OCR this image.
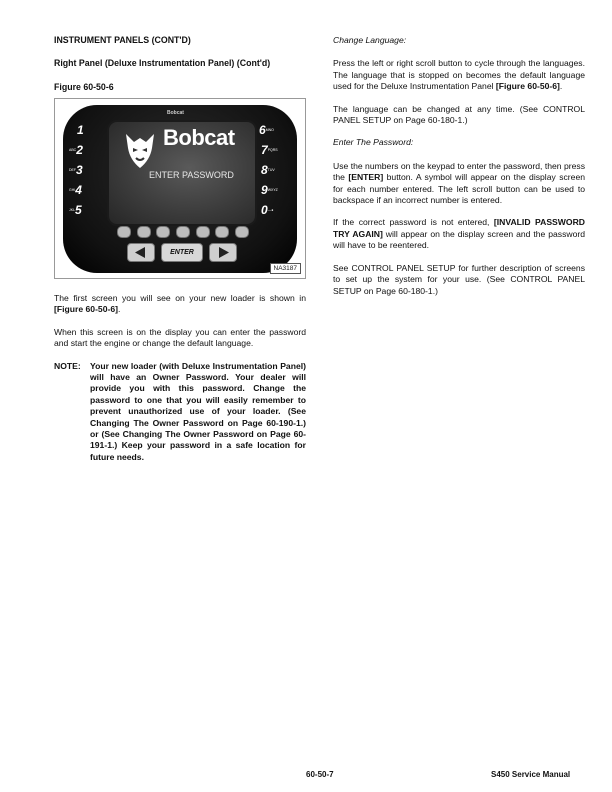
INSTRUMENT PANELS (CONT'D)
Right Panel (Deluxe Instrumentation Panel) (Cont'd)
Figure 60-50-6
Bobcat
1
ABC2
DEF3
GHI4
JKL5
6MNO
7PQRS
8TUV
9WXYZ
0—●
Bobcat
ENTER PASSWORD
ENTER
NA3187

The first screen you will see on your new loader is shown in [Figure 60-50-6].

When this screen is on the display you can enter the password and start the engine or change the default language.

NOTE:	Your new loader (with Deluxe Instrumentation Panel) will have an Owner Password. Your dealer will provide you with this password. Change the password to one that you will easily remember to prevent unauthorized use of your loader. (See Changing The Owner Password on Page 60-190-1.) or (See Changing The Owner Password on Page 60-191-1.) Keep your password in a safe location for future needs.

Change Language:

Press the left or right scroll button to cycle through the languages. The language that is stopped on becomes the default language used for the Deluxe Instrumentation Panel [Figure 60-50-6].

The language can be changed at any time. (See CONTROL PANEL SETUP on Page 60-180-1.)

Enter The Password:

Use the numbers on the keypad to enter the password, then press the [ENTER] button. A symbol will appear on the display screen for each number entered. The left scroll button can be used to backspace if an incorrect number is entered.

If the correct password is not entered, [INVALID PASSWORD TRY AGAIN] will appear on the display screen and the password will have to be reentered.

See CONTROL PANEL SETUP for further description of screens to set up the system for your use. (See CONTROL PANEL SETUP on Page 60-180-1.)

60-50-7	S450 Service Manual
